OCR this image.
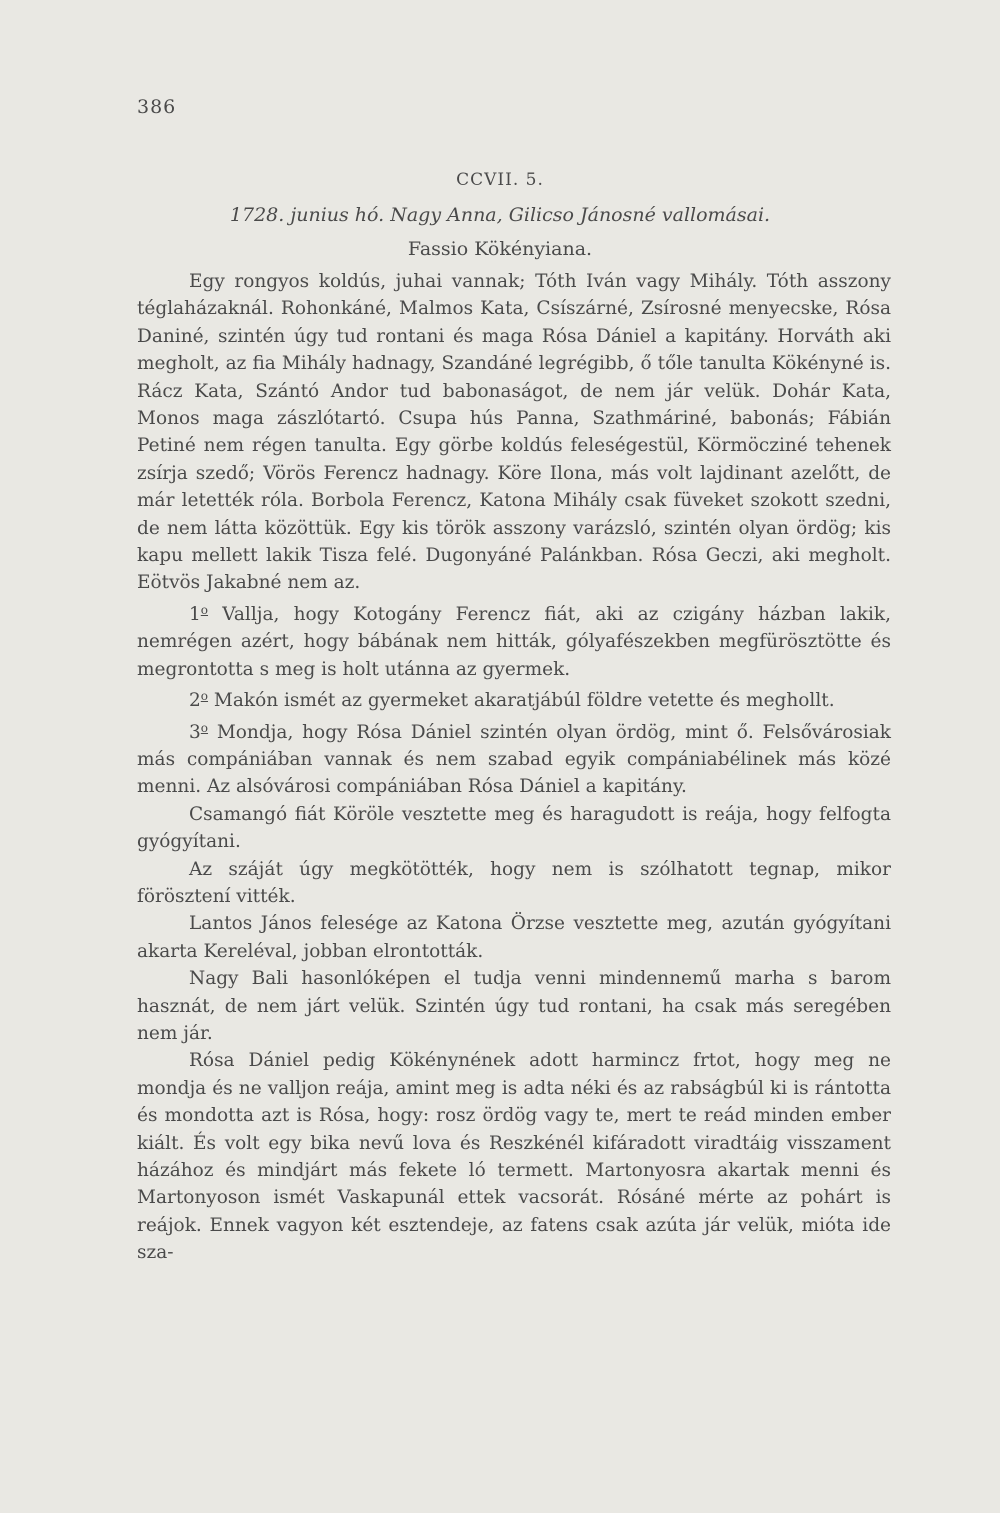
386
CCVII. 5.
1728. junius hó. Nagy Anna, Gilicso Jánosné vallomásai.
Fassio Kökényiana.

Egy rongyos koldús, juhai vannak; Tóth Iván vagy Mihály. Tóth asszony téglaházaknál. Rohonkáné, Malmos Kata, Csíszárné, Zsírosné menyecske, Rósa Daniné, szintén úgy tud rontani és maga Rósa Dániel a kapitány. Horváth aki megholt, az fia Mihály hadnagy, Szandáné legrégibb, ő tőle tanulta Kökényné is. Rácz Kata, Szántó Andor tud babonaságot, de nem jár velük. Dohár Kata, Monos maga zászlótartó. Csupa hús Panna, Szathmáriné, babonás; Fábián Petiné nem régen tanulta. Egy görbe koldús feleségestül, Körmöcziné tehenek zsírja szedő; Vörös Ferencz hadnagy. Köre Ilona, más volt lajdinant azelőtt, de már letették róla. Borbola Ferencz, Katona Mihály csak füveket szokott szedni, de nem látta közöttük. Egy kis török asszony varázsló, szintén olyan ördög; kis kapu mellett lakik Tisza felé. Dugonyáné Palánkban. Rósa Geczi, aki megholt. Eötvös Jakabné nem az.

1$^o$ Vallja, hogy Kotogány Ferencz fiát, aki az czigány házban lakik, nemrégen azért, hogy bábának nem hitták, gólyafészekben megfürösztötte és megrontotta s meg is holt utánna az gyermek.

2$^o$ Makón ismét az gyermeket akaratjábúl földre vetette és meghollt.

3$^o$ Mondja, hogy Rósa Dániel szintén olyan ördög, mint ő. Felsővárosiak más compániában vannak és nem szabad egyik compániabélinek más közé menni. Az alsóvárosi compániában Rósa Dániel a kapitány.

Csamangó fiát Köröle vesztette meg és haragudott is reája, hogy felfogta gyógyítani.

Az száját úgy megkötötték, hogy nem is szólhatott tegnap, mikor förösztení vitték.

Lantos János felesége az Katona Örzse vesztette meg, azután gyógyítani akarta Kereléval, jobban elrontották.

Nagy Bali hasonlóképen el tudja venni mindennemű marha s barom hasznát, de nem járt velük. Szintén úgy tud rontani, ha csak más seregében nem jár.

Rósa Dániel pedig Kökénynének adott harmincz frtot, hogy meg ne mondja és ne valljon reája, amint meg is adta néki és az rabságbúl ki is rántotta és mondotta azt is Rósa, hogy: rosz ördög vagy te, mert te reád minden ember kiált. És volt egy bika nevű lova és Reszkénél kifáradott viradtáig visszament házához és mindjárt más fekete ló termett. Martonyosra akartak menni és Martonyoson ismét Vaskapunál ettek vacsorát. Rósáné mérte az pohárt is reájok. Ennek vagyon két esztendeje, az fatens csak azúta jár velük, mióta ide sza-
